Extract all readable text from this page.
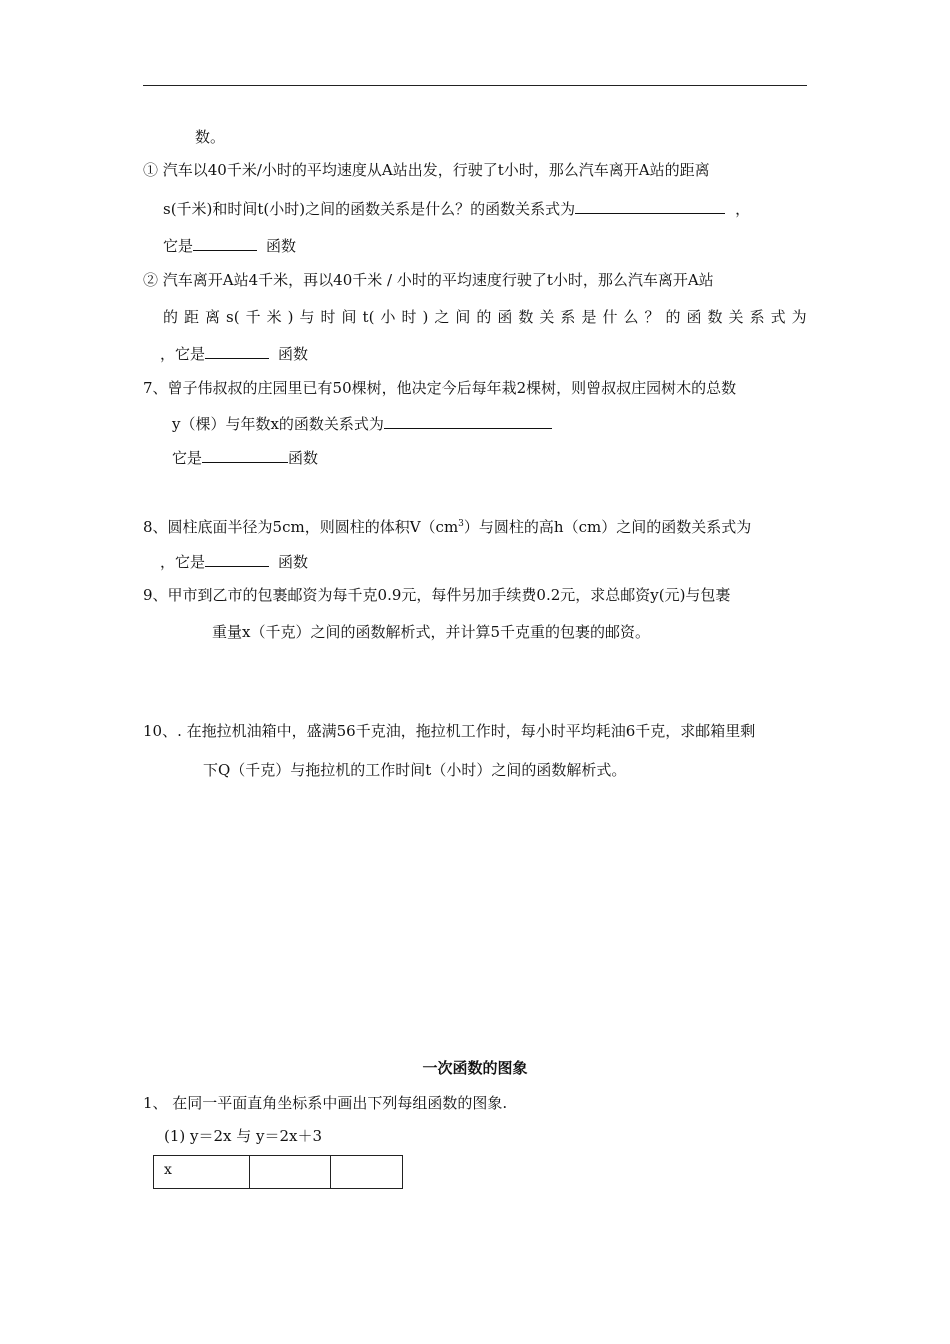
数。
① 汽车以40千米/小时的平均速度从A站出发，行驶了t小时，那么汽车离开A站的距离
s(千米)和时间t(小时)之间的函数关系是什么？的函数关系式为	，
它是	函数
② 汽车离开A站4千米，再以40千米 / 小时的平均速度行驶了t小时，那么汽车离开A站
的 距 离 s( 千 米 ) 与 时 间 t( 小 时 ) 之 间 的 函 数 关 系 是 什 么 ？ 的 函 数 关 系 式 为
，它是	函数
7、曾子伟叔叔的庄园里已有50棵树，他决定今后每年栽2棵树，则曾叔叔庄园树木的总数
y（棵）与年数x的函数关系式为
它是	函数
8、圆柱底面半径为5cm，则圆柱的体积$V(cm^3)$与圆柱的高h（cm）之间的函数关系式为
，它是	函数
9、甲市到乙市的包裹邮资为每千克0.9元，每件另加手续费0.2元，求总邮资y(元)与包裹
重量x（千克）之间的函数解析式，并计算5千克重的包裹的邮资。
10、. 在拖拉机油箱中，盛满56千克油，拖拉机工作时，每小时平均耗油6千克，求邮箱里剩
下Q（千克）与拖拉机的工作时间t（小时）之间的函数解析式。
一次函数的图象
1、 在同一平面直角坐标系中画出下列每组函数的图象.
(1) y＝2x 与 y＝2x＋3
x		
